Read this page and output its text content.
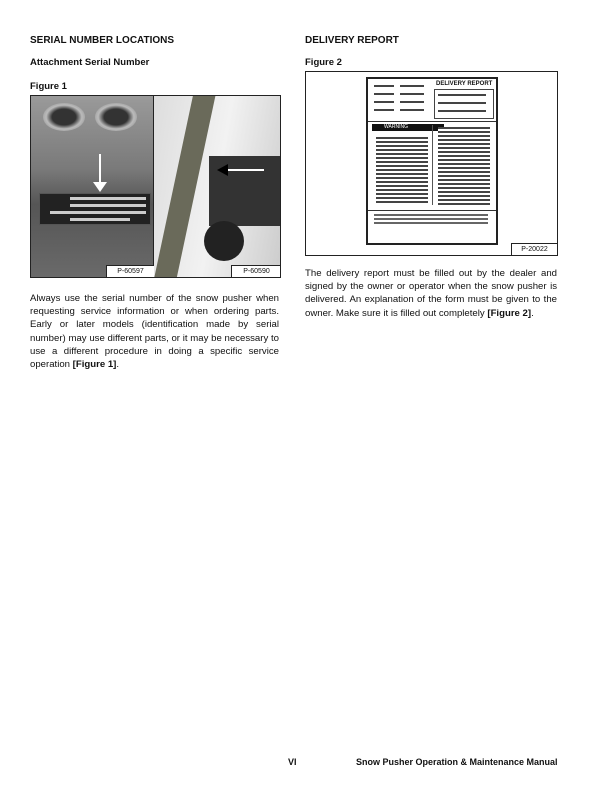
SERIAL NUMBER LOCATIONS
Attachment Serial Number
Figure 1
P-60597	P-60590
Always use the serial number of the snow pusher when requesting service information or when ordering parts. Early or later models (identification made by serial number) may use different parts, or it may be necessary to use a different procedure in doing a specific service operation [Figure 1].
DELIVERY REPORT
Figure 2
DELIVERY REPORT
WARNING
P-20022
The delivery report must be filled out by the dealer and signed by the owner or operator when the snow pusher is delivered. An explanation of the form must be given to the owner. Make sure it is filled out completely [Figure 2].
VI	Snow Pusher Operation & Maintenance Manual
